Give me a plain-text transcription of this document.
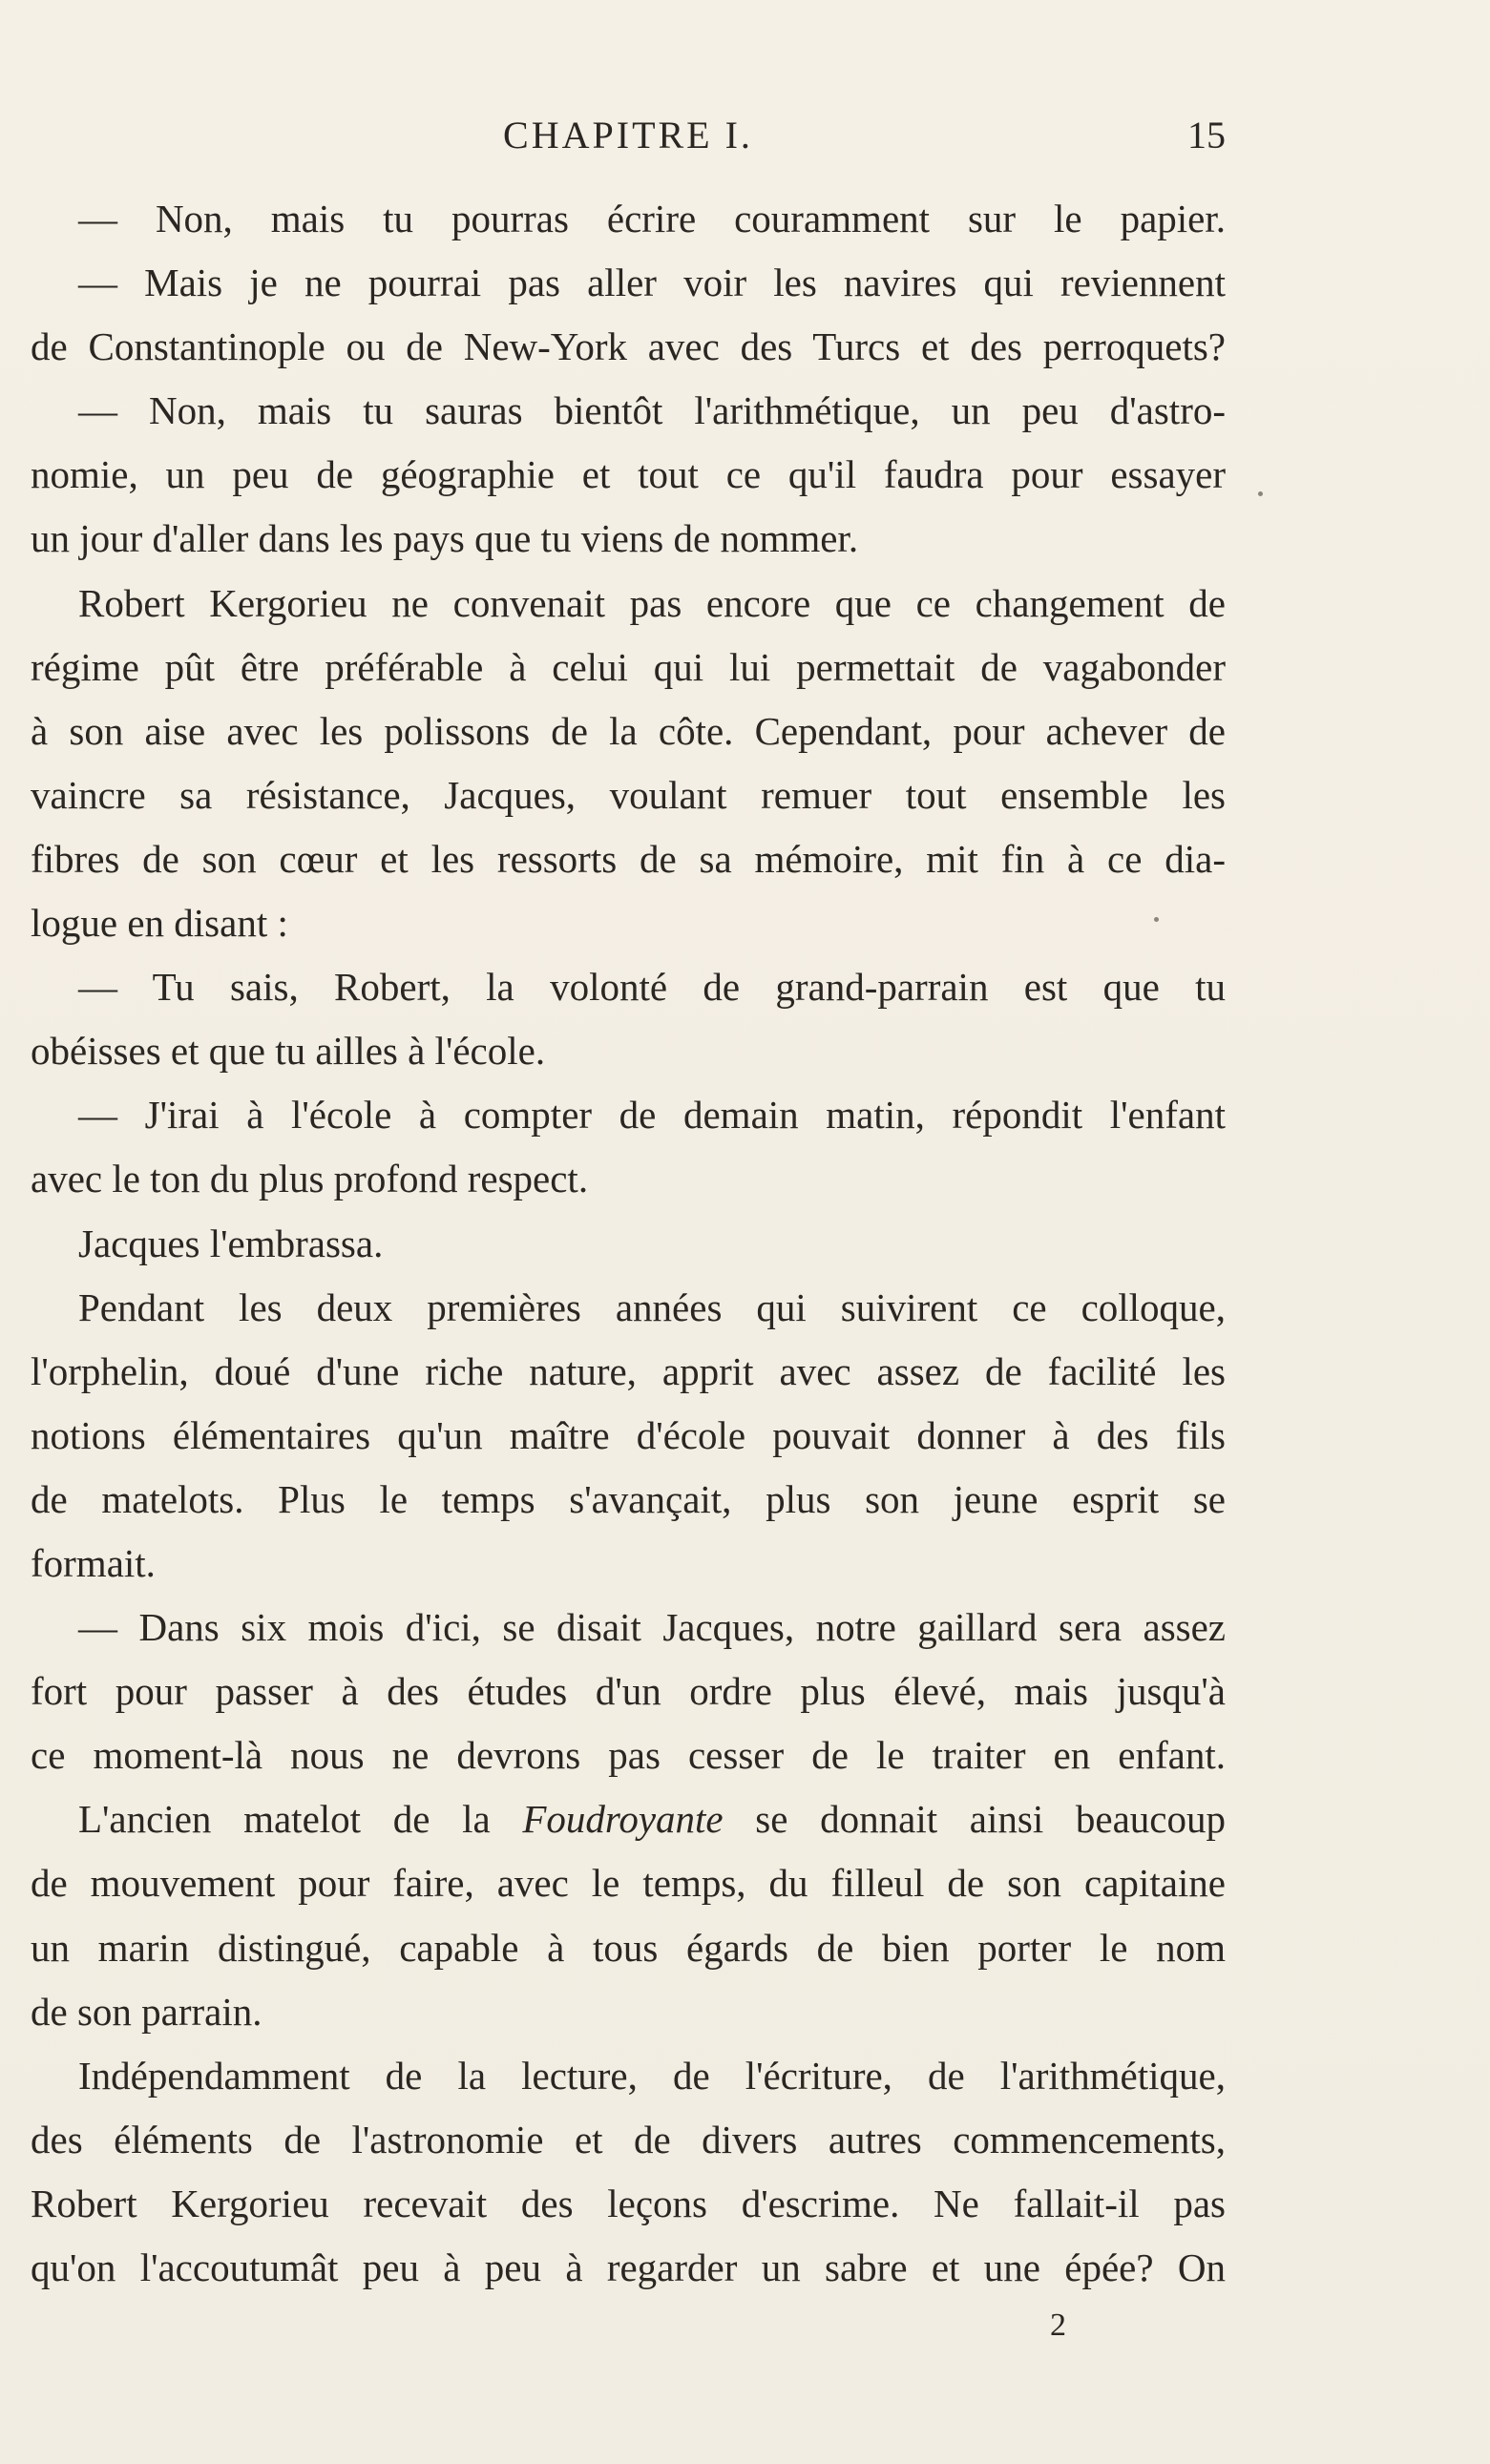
CHAPITRE I.	15
— Non, mais tu pourras écrire couramment sur le papier.
— Mais je ne pourrai pas aller voir les navires qui reviennent
de Constantinople ou de New-York avec des Turcs et des perroquets?
— Non, mais tu sauras bientôt l'arithmétique, un peu d'astro-
nomie, un peu de géographie et tout ce qu'il faudra pour essayer
un jour d'aller dans les pays que tu viens de nommer.
Robert Kergorieu ne convenait pas encore que ce changement de
régime pût être préférable à celui qui lui permettait de vagabonder
à son aise avec les polissons de la côte. Cependant, pour achever de
vaincre sa résistance, Jacques, voulant remuer tout ensemble les
fibres de son cœur et les ressorts de sa mémoire, mit fin à ce dia-
logue en disant :
— Tu sais, Robert, la volonté de grand-parrain est que tu
obéisses et que tu ailles à l'école.
— J'irai à l'école à compter de demain matin, répondit l'enfant
avec le ton du plus profond respect.
Jacques l'embrassa.
Pendant les deux premières années qui suivirent ce colloque,
l'orphelin, doué d'une riche nature, apprit avec assez de facilité les
notions élémentaires qu'un maître d'école pouvait donner à des fils
de matelots. Plus le temps s'avançait, plus son jeune esprit se
formait.
— Dans six mois d'ici, se disait Jacques, notre gaillard sera assez
fort pour passer à des études d'un ordre plus élevé, mais jusqu'à
ce moment-là nous ne devrons pas cesser de le traiter en enfant.
L'ancien matelot de la Foudroyante se donnait ainsi beaucoup
de mouvement pour faire, avec le temps, du filleul de son capitaine
un marin distingué, capable à tous égards de bien porter le nom
de son parrain.
Indépendamment de la lecture, de l'écriture, de l'arithmétique,
des éléments de l'astronomie et de divers autres commencements,
Robert Kergorieu recevait des leçons d'escrime. Ne fallait-il pas
qu'on l'accoutumât peu à peu à regarder un sabre et une épée? On
2
